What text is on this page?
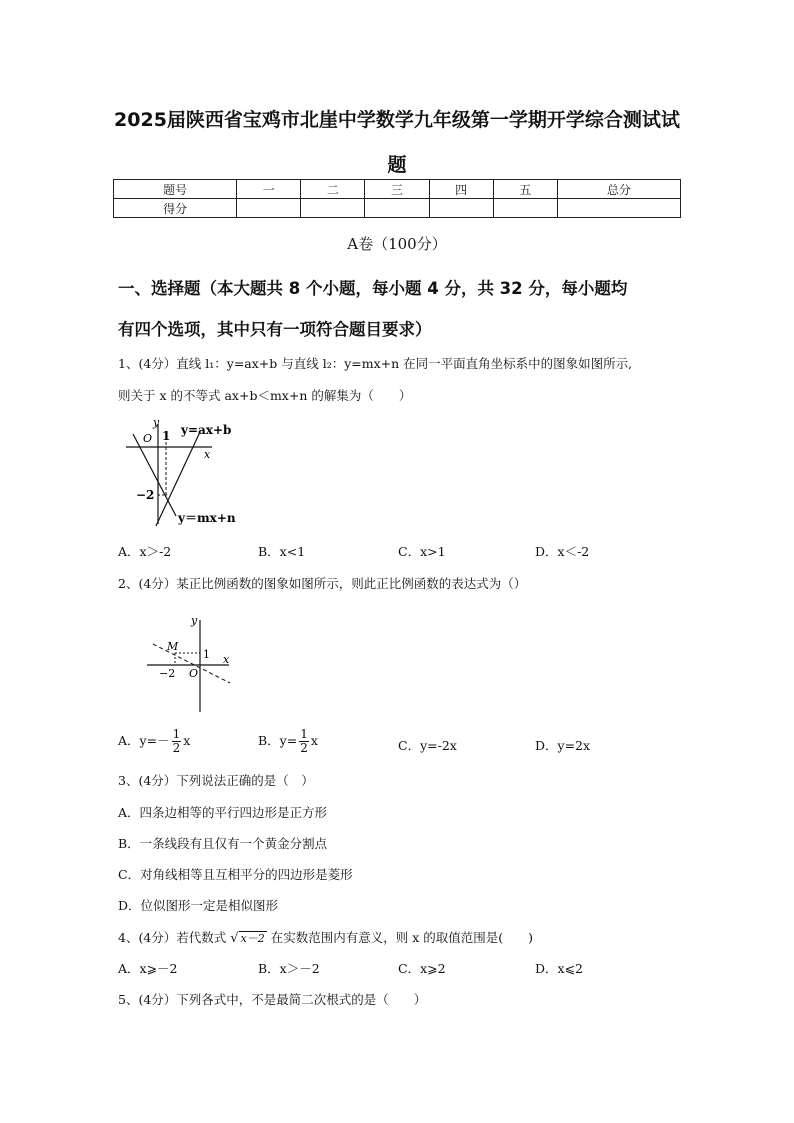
2025届陕西省宝鸡市北崖中学数学九年级第一学期开学综合测试试
题
题号	一	二	三	四	五	总分
得分						
A卷（100分）
一、选择题（本大题共 8 个小题，每小题 4 分，共 32 分，每小题均
有四个选项，其中只有一项符合题目要求）
1、(4分）直线 l₁：y=ax+b 与直线 l₂：y=mx+n 在同一平面直角坐标系中的图象如图所示,
则关于 x 的不等式 ax+b＜mx+n 的解集为（　　）
y
x
O 1
−2
y=ax+b
y＝mx+n
A．x＞-2	B．x<1	C．x>1	D．x＜-2
2、(4分）某正比例函数的图象如图所示，则此正比例函数的表达式为（）
y
x
O
M
1
−2
A．$y=- \frac{1}{2}$ x	B．$y= \frac{1}{2}$ x	C．y=-2x	D．y=2x
3、(4分）下列说法正确的是（　）
A．四条边相等的平行四边形是正方形
B．一条线段有且仅有一个黄金分割点
C．对角线相等且互相平分的四边形是菱形
D．位似图形一定是相似图形
4、(4分）若代数式 √ x－2 在实数范围内有意义，则 x 的取值范围是(　　)
A．x⩾－2	B．x＞－2	C．x⩾2	D．x⩽2
5、(4分）下列各式中，不是最简二次根式的是（　　）
